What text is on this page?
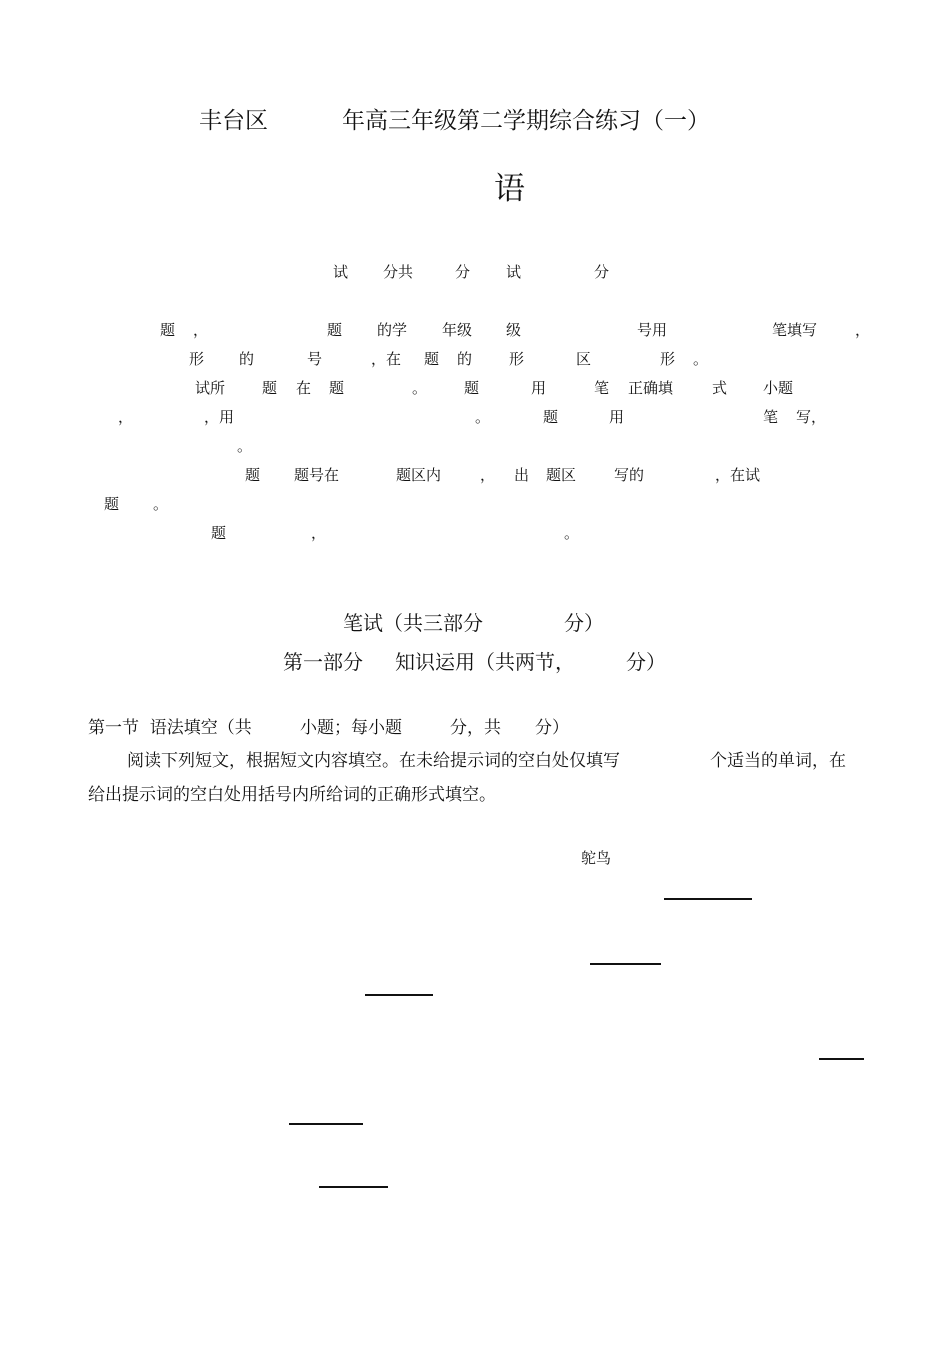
丰台区	年高三年级第二学期综合练习（一）
语
试 分共	分 试	分
题 ，	题 的学 年级 级	号用	笔填写	，
形 的	号	，在 题 的 形	区	形 。
试所 题 在 题	。 题	用	笔 正确填	式 小题
，	，用	。	题	用	笔 写，
。
题 题号在	题区内	， 出 题区	写的	，在试
题 。
题	，	。
笔试（共三部分	分）
第一部分 知识运用（共两节，	分）
第一节  语法填空（共	小题；每小题	分，共 分）
阅读下列短文，根据短文内容填空。在未给提示词的空白处仅填写	个适当的单词，在
给出提示词的空白处用括号内所给词的正确形式填空。
鸵鸟
